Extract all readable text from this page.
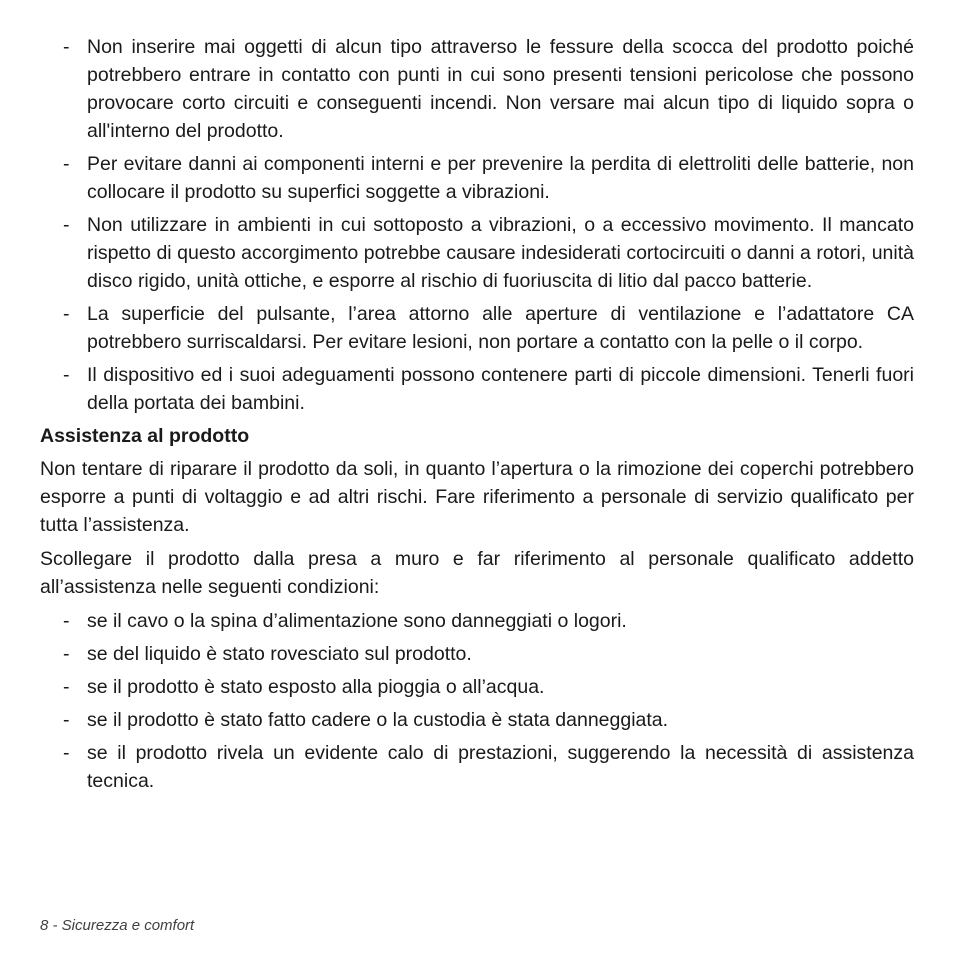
- Non inserire mai oggetti di alcun tipo attraverso le fessure della scocca del prodotto poiché potrebbero entrare in contatto con punti in cui sono presenti tensioni pericolose che possono provocare corto circuiti e conseguenti incendi. Non versare mai alcun tipo di liquido sopra o all'interno del prodotto.
- Per evitare danni ai componenti interni e per prevenire la perdita di elettroliti delle batterie, non collocare il prodotto su superfici soggette a vibrazioni.
- Non utilizzare in ambienti in cui sottoposto a vibrazioni, o a eccessivo movimento. Il mancato rispetto di questo accorgimento potrebbe causare indesiderati cortocircuiti o danni a rotori, unità disco rigido, unità ottiche, e esporre al rischio di fuoriuscita di litio dal pacco batterie.
- La superficie del pulsante, l’area attorno alle aperture di ventilazione e l’adattatore CA potrebbero surriscaldarsi. Per evitare lesioni, non portare a contatto con la pelle o il corpo.
- Il dispositivo ed i suoi adeguamenti possono contenere parti di piccole dimensioni. Tenerli fuori della portata dei bambini.
Assistenza al prodotto

Non tentare di riparare il prodotto da soli, in quanto l’apertura o la rimozione dei coperchi potrebbero esporre a punti di voltaggio e ad altri rischi. Fare riferimento a personale di servizio qualificato per tutta l’assistenza.

Scollegare il prodotto dalla presa a muro e far riferimento al personale qualificato addetto all’assistenza nelle seguenti condizioni:

- se il cavo o la spina d’alimentazione sono danneggiati o logori.
- se del liquido è stato rovesciato sul prodotto.
- se il prodotto è stato esposto alla pioggia o all’acqua.
- se il prodotto è stato fatto cadere o la custodia è stata danneggiata.
- se il prodotto rivela un evidente calo di prestazioni, suggerendo la necessità di assistenza tecnica.
8 - Sicurezza e comfort
